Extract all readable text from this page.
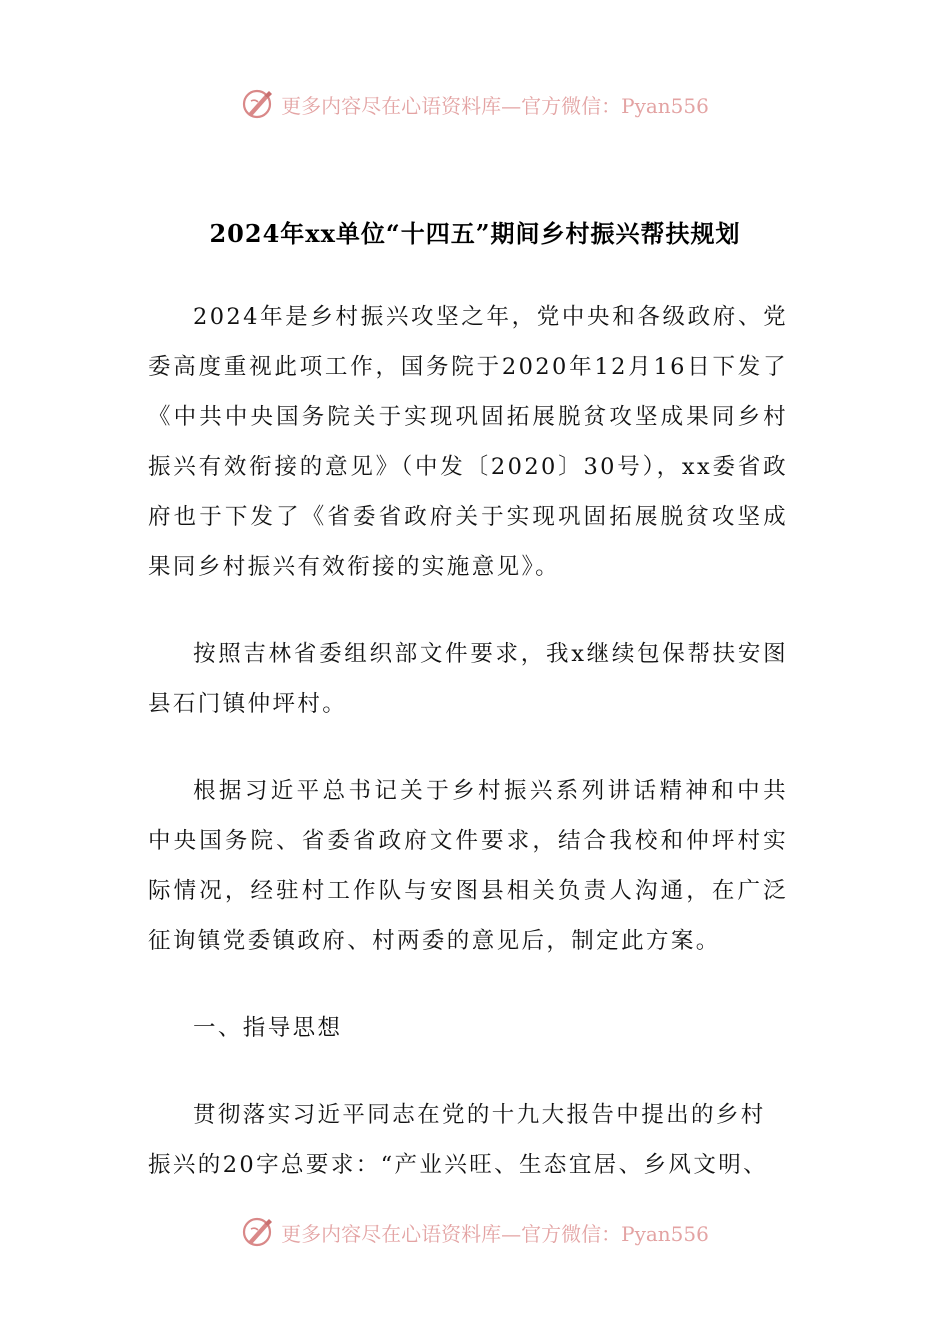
更多内容尽在心语资料库—官方微信：Pyan556
2024年xx单位“十四五”期间乡村振兴帮扶规划

2024年是乡村振兴攻坚之年，党中央和各级政府、党委高度重视此项工作，国务院于2020年12月16日下发了《中共中央国务院关于实现巩固拓展脱贫攻坚成果同乡村振兴有效衔接的意见》（中发〔2020〕30号），xx委省政府也于下发了《省委省政府关于实现巩固拓展脱贫攻坚成果同乡村振兴有效衔接的实施意见》。

按照吉林省委组织部文件要求，我x继续包保帮扶安图县石门镇仲坪村。

根据习近平总书记关于乡村振兴系列讲话精神和中共中央国务院、省委省政府文件要求，结合我校和仲坪村实际情况，经驻村工作队与安图县相关负责人沟通，在广泛征询镇党委镇政府、村两委的意见后，制定此方案。

一、指导思想

贯彻落实习近平同志在党的十九大报告中提出的乡村振兴的20字总要求：“产业兴旺、生态宜居、乡风文明、

更多内容尽在心语资料库—官方微信：Pyan556
